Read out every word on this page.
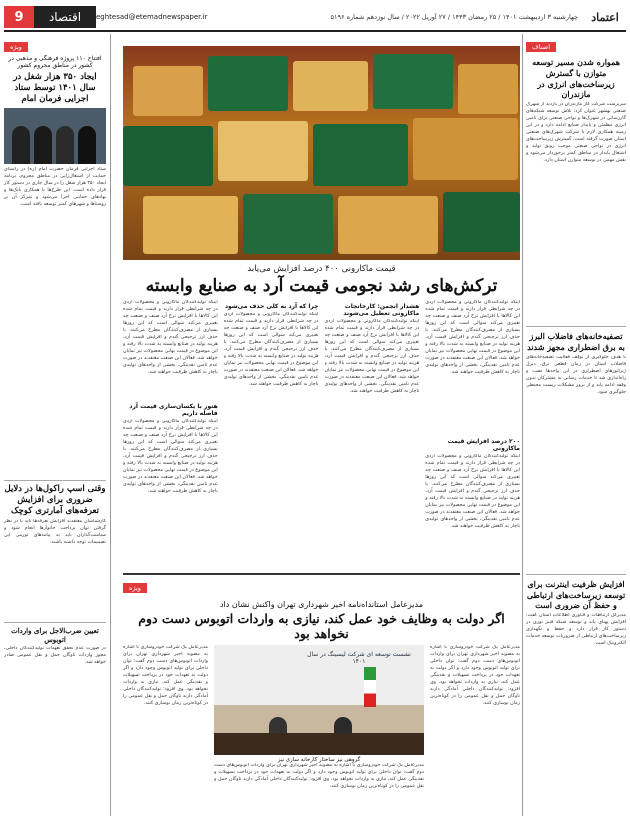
اعتماد
چهارشنبه ۳ اردیبهشت ۱۴۰۱ / ۲۵ رمضان ۱۴۴۳ / ۲۷ آوریل ۲۰۲۲ / سال نوزدهم شماره ۵۱۹۶
9	اقتصاد	eghtesad@etemadnewspaper.ir
اصناف
همواره شدن مسیر توسعه متوازن با گسترش زیرساخت‌های انرژی در مازندران

سرپرست شرکت گاز مازندران در بازدید از شهرک صنعتی بهشهر عنوان کرد: تلاش توسعه شبکه‌های گازرسانی در شهرک‌ها و نواحی صنعتی برای تامین انرژی مطمئن و پایدار صنایع ادامه دارد و در این زمینه همکاری لازم با شرکت شهرک‌های صنعتی استان صورت گرفته است. گسترش زیرساخت‌های انرژی در نواحی صنعتی موجب رونق تولید و اشتغال پایدار در مناطق کمتر برخوردار می‌شود و نقش مهمی در توسعه متوازن استان دارد.

تصفیه‌خانه‌های فاضلاب البرز به برق اضطراری مجهز شدند

با هدف جلوگیری از توقف فعالیت تصفیه‌خانه‌های فاضلاب استان در زمان قطعی برق، دیزل ژنراتورهای اضطراری در این واحدها نصب و راه‌اندازی شد تا خدمات رسانی به مشترکان بدون وقفه ادامه یابد و از بروز مشکلات زیست محیطی جلوگیری شود.

افزایش ظرفیت اینترنت برای توسعه زیرساخت‌های ارتباطی و حفظ آن ضروری است

مدیرکل ارتباطات و فناوری اطلاعات استان گفت: افزایش پهنای باند و توسعه شبکه فیبر نوری در دستور کار قرار دارد و حفظ و نگهداری زیرساخت‌های ارتباطی از ضروریات توسعه خدمات الکترونیک است.

قیمت ماکارونی ۴۰۰ درصد افزایش می‌یابد
ترکش‌های رشد نجومی قیمت آرد به صنایع وابسته

اینکه تولیدکنندگان ماکارونی و محصولات آردی در چه شرایطی قرار دارند و قیمت تمام شده این کالاها با افزایش نرخ آرد صنف و صنعت چه تغییری می‌کند سوالی است که این روزها بسیاری از مصرف‌کنندگان مطرح می‌کنند. با حذف ارز ترجیحی گندم و افزایش قیمت آرد، هزینه تولید در صنایع وابسته به شدت بالا رفته و این موضوع در قیمت نهایی محصولات نیز نمایان خواهد شد. فعالان این صنعت معتقدند در صورت عدم تامین نقدینگی، بخشی از واحدهای تولیدی ناچار به کاهش ظرفیت خواهند شد.

۲۰۰ درصد افزایش قیمت ماکارونی

اینکه تولیدکنندگان ماکارونی و محصولات آردی در چه شرایطی قرار دارند و قیمت تمام شده این کالاها با افزایش نرخ آرد صنف و صنعت چه تغییری می‌کند سوالی است که این روزها بسیاری از مصرف‌کنندگان مطرح می‌کنند. با حذف ارز ترجیحی گندم و افزایش قیمت آرد، هزینه تولید در صنایع وابسته به شدت بالا رفته و این موضوع در قیمت نهایی محصولات نیز نمایان خواهد شد. فعالان این صنعت معتقدند در صورت عدم تامین نقدینگی، بخشی از واحدهای تولیدی ناچار به کاهش ظرفیت خواهند شد.

هشدار انجمن: کارخانجات ماکارونی تعطیل می‌شوند

اینکه تولیدکنندگان ماکارونی و محصولات آردی در چه شرایطی قرار دارند و قیمت تمام شده این کالاها با افزایش نرخ آرد صنف و صنعت چه تغییری می‌کند سوالی است که این روزها بسیاری از مصرف‌کنندگان مطرح می‌کنند. با حذف ارز ترجیحی گندم و افزایش قیمت آرد، هزینه تولید در صنایع وابسته به شدت بالا رفته و این موضوع در قیمت نهایی محصولات نیز نمایان خواهد شد. فعالان این صنعت معتقدند در صورت عدم تامین نقدینگی، بخشی از واحدهای تولیدی ناچار به کاهش ظرفیت خواهند شد.

چرا که آرد به کلی حذف می‌شود

اینکه تولیدکنندگان ماکارونی و محصولات آردی در چه شرایطی قرار دارند و قیمت تمام شده این کالاها با افزایش نرخ آرد صنف و صنعت چه تغییری می‌کند سوالی است که این روزها بسیاری از مصرف‌کنندگان مطرح می‌کنند. با حذف ارز ترجیحی گندم و افزایش قیمت آرد، هزینه تولید در صنایع وابسته به شدت بالا رفته و این موضوع در قیمت نهایی محصولات نیز نمایان خواهد شد. فعالان این صنعت معتقدند در صورت عدم تامین نقدینگی، بخشی از واحدهای تولیدی ناچار به کاهش ظرفیت خواهند شد.

اینکه تولیدکنندگان ماکارونی و محصولات آردی در چه شرایطی قرار دارند و قیمت تمام شده این کالاها با افزایش نرخ آرد صنف و صنعت چه تغییری می‌کند سوالی است که این روزها بسیاری از مصرف‌کنندگان مطرح می‌کنند. با حذف ارز ترجیحی گندم و افزایش قیمت آرد، هزینه تولید در صنایع وابسته به شدت بالا رفته و این موضوع در قیمت نهایی محصولات نیز نمایان خواهد شد. فعالان این صنعت معتقدند در صورت عدم تامین نقدینگی، بخشی از واحدهای تولیدی ناچار به کاهش ظرفیت خواهند شد.

هنوز با یکسان‌سازی قیمت آرد فاصله داریم

اینکه تولیدکنندگان ماکارونی و محصولات آردی در چه شرایطی قرار دارند و قیمت تمام شده این کالاها با افزایش نرخ آرد صنف و صنعت چه تغییری می‌کند سوالی است که این روزها بسیاری از مصرف‌کنندگان مطرح می‌کنند. با حذف ارز ترجیحی گندم و افزایش قیمت آرد، هزینه تولید در صنایع وابسته به شدت بالا رفته و این موضوع در قیمت نهایی محصولات نیز نمایان خواهد شد. فعالان این صنعت معتقدند در صورت عدم تامین نقدینگی، بخشی از واحدهای تولیدی ناچار به کاهش ظرفیت خواهند شد.

ویژه
مدیرعامل استانداه‌نامه اخیر شهرداری تهران واکنش نشان داد
اگر دولت به وظایف خود عمل کند، نیازی به واردات اتوبوس دست دوم نخواهد بود

مدیرعامل یک شرکت خودروسازی با اشاره به مصوبه اخیر شهرداری تهران برای واردات اتوبوس‌های دست دوم گفت: توان داخلی برای تولید اتوبوس وجود دارد و اگر دولت به تعهدات خود در پرداخت تسهیلات و نقدینگی عمل کند، نیازی به واردات نخواهد بود. وی افزود: تولیدکنندگان داخلی آمادگی دارند ناوگان حمل و نقل عمومی را در کوتاه‌ترین زمان نوسازی کنند.

نشست توسعه ای شرکت لیسینگ در سال ۱۴۰۱
گروهی نیز ساختار کارخانه سازی نیز

مدیرعامل یک شرکت خودروسازی با اشاره به مصوبه اخیر شهرداری تهران برای واردات اتوبوس‌های دست دوم گفت: توان داخلی برای تولید اتوبوس وجود دارد و اگر دولت به تعهدات خود در پرداخت تسهیلات و نقدینگی عمل کند، نیازی به واردات نخواهد بود. وی افزود: تولیدکنندگان داخلی آمادگی دارند ناوگان حمل و نقل عمومی را در کوتاه‌ترین زمان نوسازی کنند.

مدیرعامل یک شرکت خودروسازی با اشاره به مصوبه اخیر شهرداری تهران برای واردات اتوبوس‌های دست دوم گفت: توان داخلی برای تولید اتوبوس وجود دارد و اگر دولت به تعهدات خود در پرداخت تسهیلات و نقدینگی عمل کند، نیازی به واردات نخواهد بود. وی افزود: تولیدکنندگان داخلی آمادگی دارند ناوگان حمل و نقل عمومی را در کوتاه‌ترین زمان نوسازی کنند.

ویژه
افتتاح ۱۱۰ پروژه فرهنگی و مذهبی در کشور در مناطق محروم کشور
ایجاد ۳۵۰ هزار شغل در سال ۱۴۰۱ توسط ستاد اجرایی فرمان امام

ستاد اجرایی فرمان حضرت امام (ره) در راستای حمایت از اشتغال‌زایی در مناطق محروم، برنامه ایجاد ۳۵۰ هزار شغل را در سال جاری در دستور کار قرار داده است. این طرح‌ها با همکاری بانک‌ها و نهادهای حمایتی اجرا می‌شود و تمرکز آن بر روستاها و شهرهای کمتر توسعه یافته است.

وقتی اسپ راکول‌ها در دلایل ضروری برای افزایش تعرفه‌های آمارتری کوچک

کارشناسان معتقدند افزایش تعرفه‌ها باید با در نظر گرفتن توان پرداخت خانوارها انجام شود و سیاست‌گذاران باید به پیامدهای تورمی این تصمیمات توجه داشته باشند.

تعیین ضرب‌الاجل برای واردات اتوبوس

در صورت عدم تحقق تعهدات تولیدکنندگان داخلی، مجوز واردات ناوگان حمل و نقل عمومی صادر خواهد شد.
